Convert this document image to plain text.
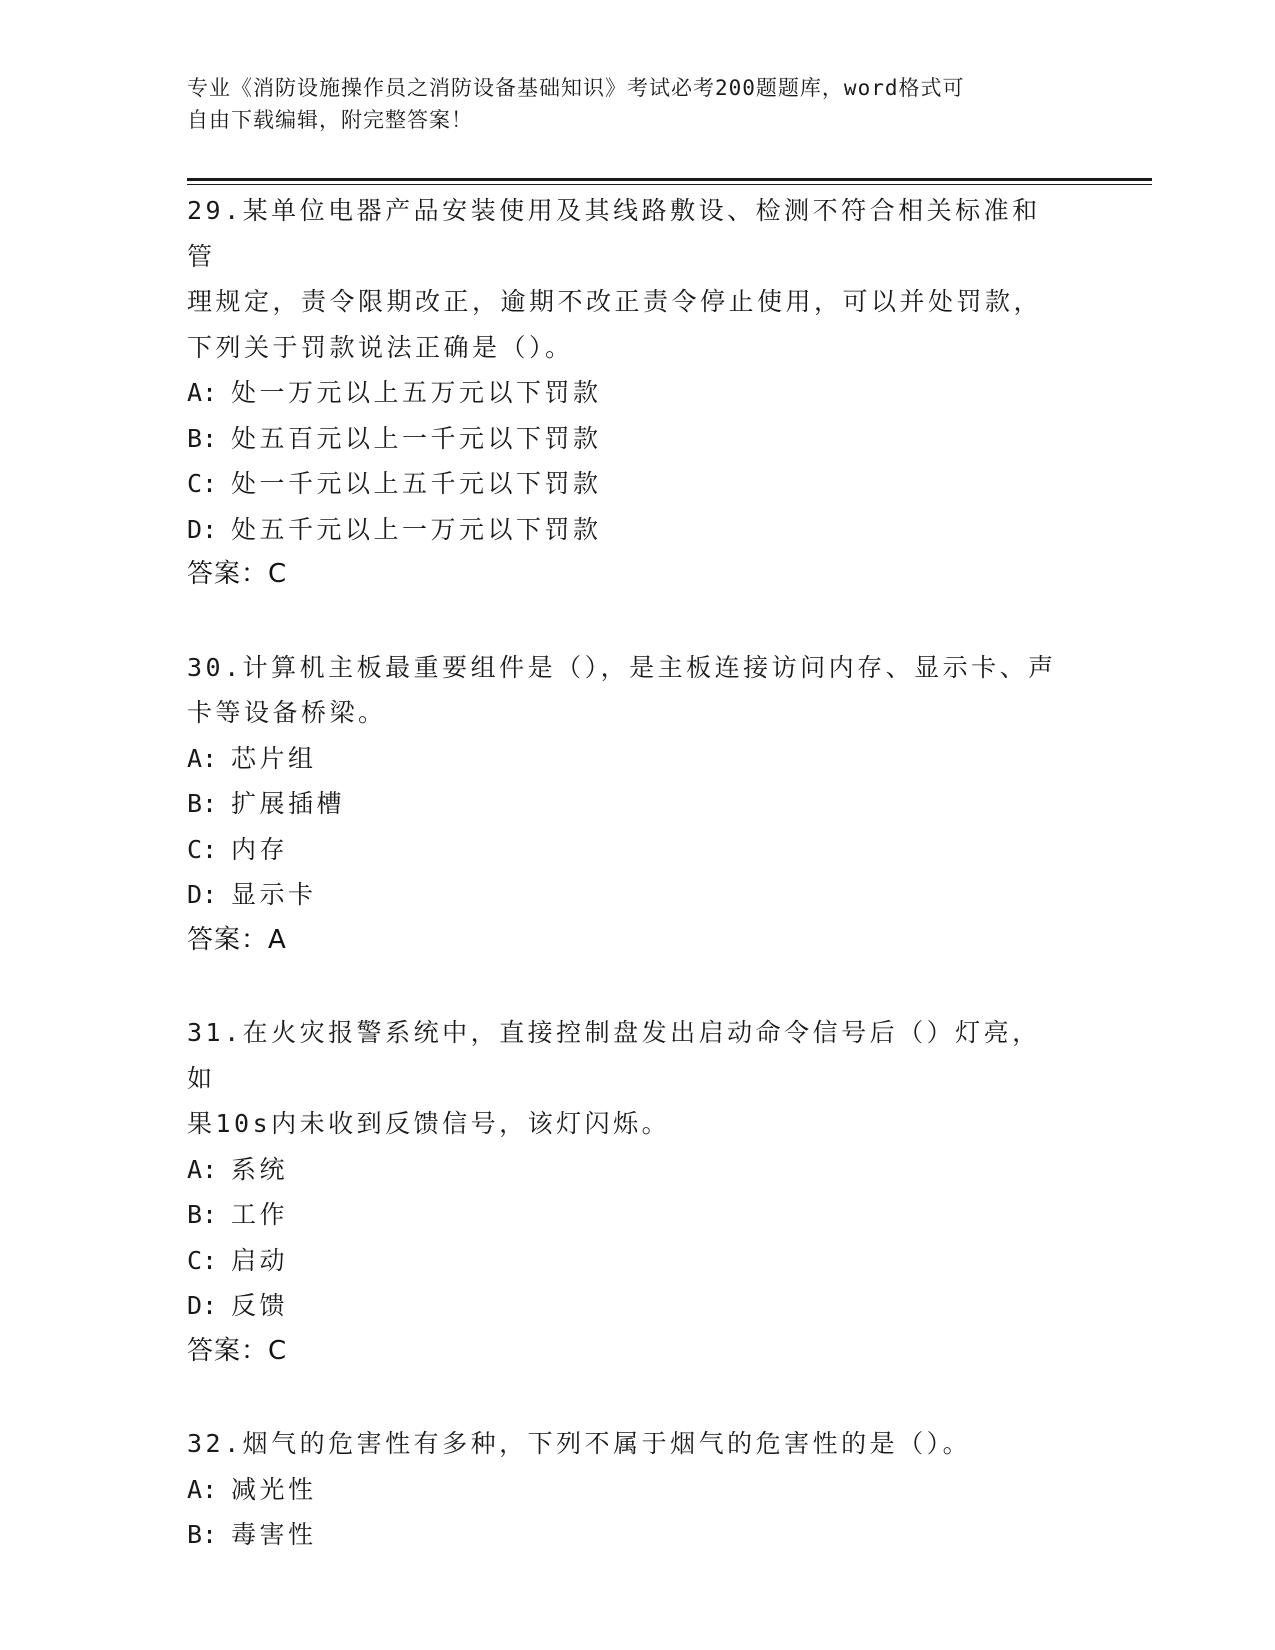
专业《消防设施操作员之消防设备基础知识》考试必考200题题库，word格式可
自由下载编辑，附完整答案！
29.某单位电器产品安装使用及其线路敷设、检测不符合相关标准和管
理规定，责令限期改正，逾期不改正责令停止使用，可以并处罚款，
下列关于罚款说法正确是（）。
A: 处一万元以上五万元以下罚款
B: 处五百元以上一千元以下罚款
C: 处一千元以上五千元以下罚款
D: 处五千元以上一万元以下罚款
答案：C
30.计算机主板最重要组件是（），是主板连接访问内存、显示卡、声
卡等设备桥梁。
A: 芯片组
B: 扩展插槽
C: 内存
D: 显示卡
答案：A
31.在火灾报警系统中，直接控制盘发出启动命令信号后（）灯亮，如
果10s内未收到反馈信号，该灯闪烁。
A: 系统
B: 工作
C: 启动
D: 反馈
答案：C
32.烟气的危害性有多种，下列不属于烟气的危害性的是（）。
A: 减光性
B: 毒害性
